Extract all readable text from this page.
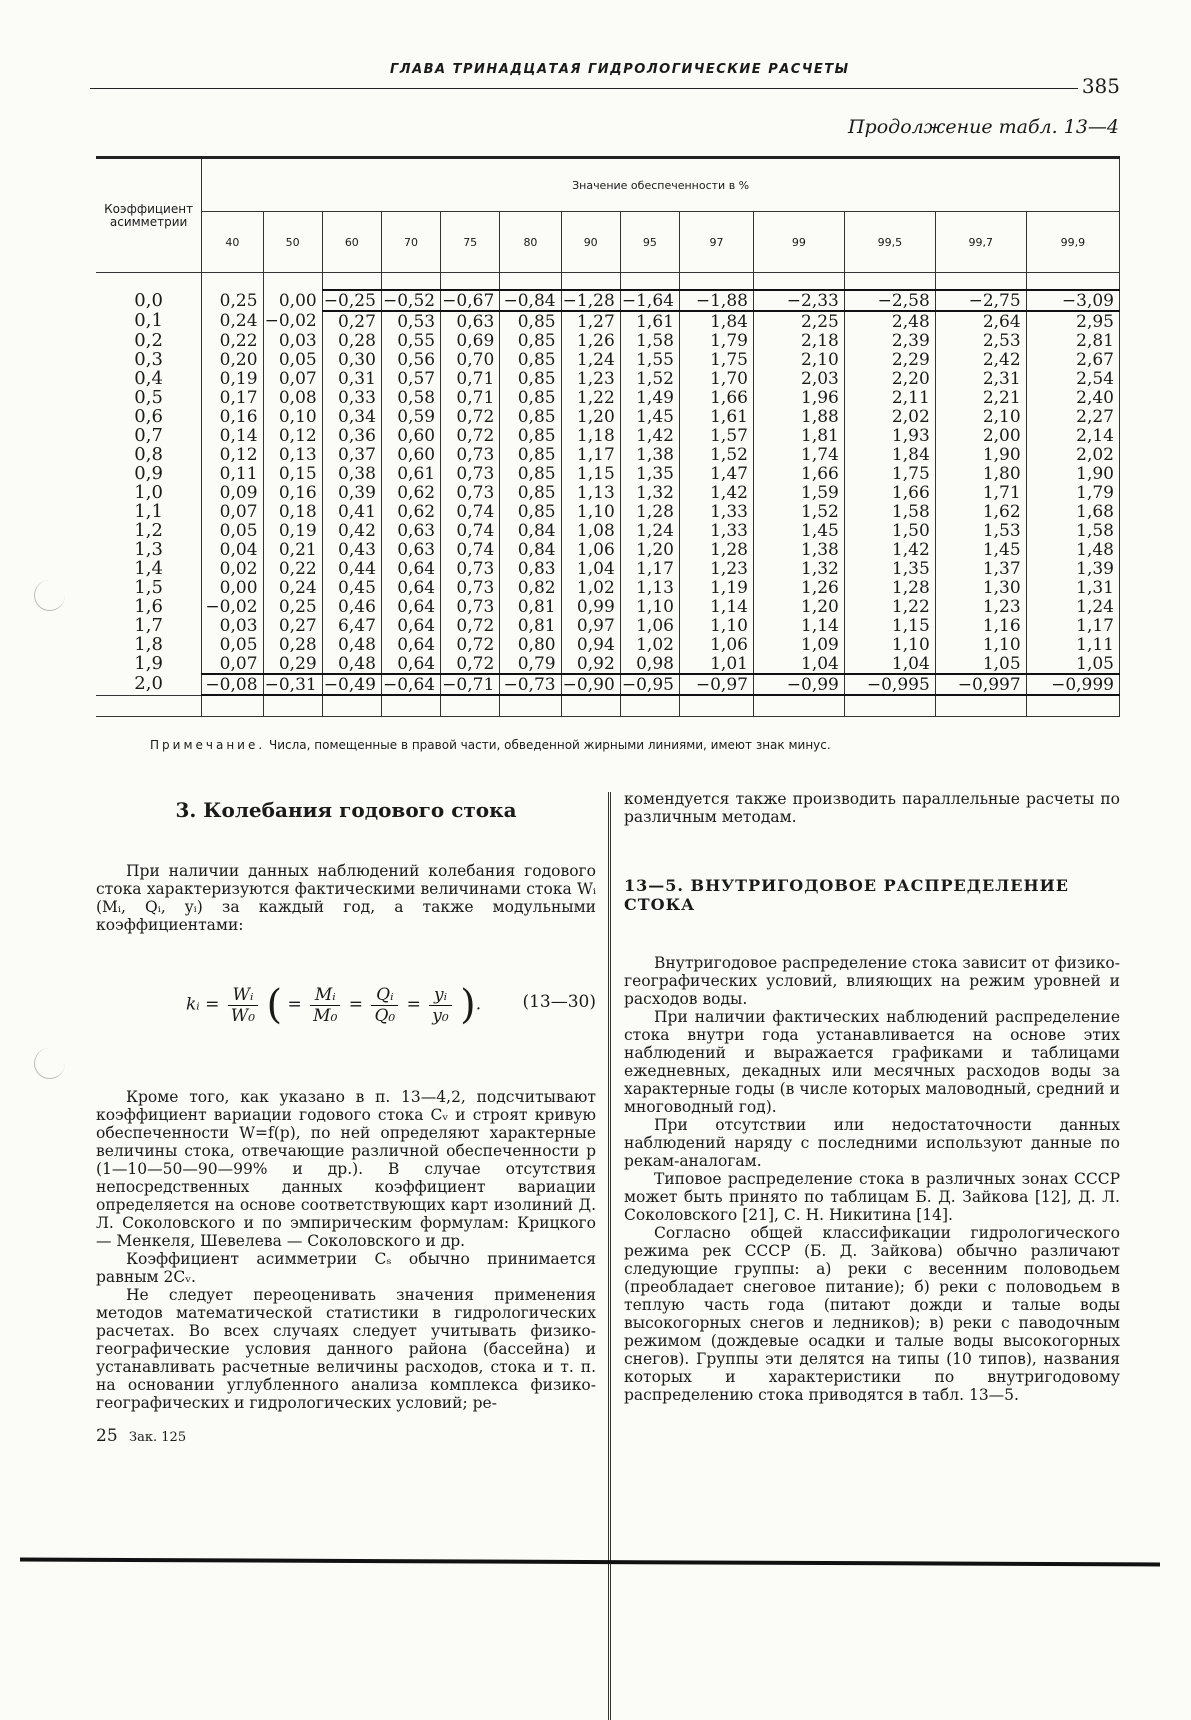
ГЛАВА ТРИНАДЦАТАЯ ГИДРОЛОГИЧЕСКИЕ РАСЧЕТЫ
385
Продолжение табл. 13—4
Коэффициент асимметрии	Значение обеспеченности в %												
	40	50	60	70	75	80	90	95	97	99	99,5	99,7	99,9

0,0	0,25	0,00	−0,25	−0,52	−0,67	−0,84	−1,28	−1,64	−1,88	−2,33	−2,58	−2,75	−3,09
0,1	0,24	−0,02	0,27	0,53	0,63	0,85	1,27	1,61	1,84	2,25	2,48	2,64	2,95
0,2	0,22	0,03	0,28	0,55	0,69	0,85	1,26	1,58	1,79	2,18	2,39	2,53	2,81
0,3	0,20	0,05	0,30	0,56	0,70	0,85	1,24	1,55	1,75	2,10	2,29	2,42	2,67
0,4	0,19	0,07	0,31	0,57	0,71	0,85	1,23	1,52	1,70	2,03	2,20	2,31	2,54
0,5	0,17	0,08	0,33	0,58	0,71	0,85	1,22	1,49	1,66	1,96	2,11	2,21	2,40
0,6	0,16	0,10	0,34	0,59	0,72	0,85	1,20	1,45	1,61	1,88	2,02	2,10	2,27
0,7	0,14	0,12	0,36	0,60	0,72	0,85	1,18	1,42	1,57	1,81	1,93	2,00	2,14
0,8	0,12	0,13	0,37	0,60	0,73	0,85	1,17	1,38	1,52	1,74	1,84	1,90	2,02
0,9	0,11	0,15	0,38	0,61	0,73	0,85	1,15	1,35	1,47	1,66	1,75	1,80	1,90
1,0	0,09	0,16	0,39	0,62	0,73	0,85	1,13	1,32	1,42	1,59	1,66	1,71	1,79
1,1	0,07	0,18	0,41	0,62	0,74	0,85	1,10	1,28	1,33	1,52	1,58	1,62	1,68
1,2	0,05	0,19	0,42	0,63	0,74	0,84	1,08	1,24	1,33	1,45	1,50	1,53	1,58
1,3	0,04	0,21	0,43	0,63	0,74	0,84	1,06	1,20	1,28	1,38	1,42	1,45	1,48
1,4	0,02	0,22	0,44	0,64	0,73	0,83	1,04	1,17	1,23	1,32	1,35	1,37	1,39
1,5	0,00	0,24	0,45	0,64	0,73	0,82	1,02	1,13	1,19	1,26	1,28	1,30	1,31
1,6	−0,02	0,25	0,46	0,64	0,73	0,81	0,99	1,10	1,14	1,20	1,22	1,23	1,24
1,7	0,03	0,27	6,47	0,64	0,72	0,81	0,97	1,06	1,10	1,14	1,15	1,16	1,17
1,8	0,05	0,28	0,48	0,64	0,72	0,80	0,94	1,02	1,06	1,09	1,10	1,10	1,11
1,9	0,07	0,29	0,48	0,64	0,72	0,79	0,92	0,98	1,01	1,04	1,04	1,05	1,05
2,0	−0,08	−0,31	−0,49	−0,64	−0,71	−0,73	−0,90	−0,95	−0,97	−0,99	−0,995	−0,997	−0,999

Примечание. Числа, помещенные в правой части, обведенной жирными линиями, имеют знак минус.
3. Колебания годового стока

При наличии данных наблюдений колебания годового стока характеризуются фактическими величинами стока Wᵢ (Mᵢ, Qᵢ, yᵢ) за каждый год, а также модульными коэффициентами:

kᵢ = $\frac{\text{Wᵢ}}{\text{W₀}}$ ( = $\frac{\text{Mᵢ}}{\text{M₀}} = \frac{\text{Qᵢ}}{\text{Q₀}} = \frac{\text{yᵢ}}{\text{y₀}}$ ). (13—30)

Кроме того, как указано в п. 13—4,2, подсчитывают коэффициент вариации годового стока Cᵥ и строят кривую обеспеченности W=f(p), по ней определяют характерные величины стока, отвечающие различной обеспеченности p (1—10—50—90—99% и др.). В случае отсутствия непосредственных данных коэффициент вариации определяется на основе соответствующих карт изолиний Д. Л. Соколовского и по эмпирическим формулам: Крицкого — Менкеля, Шевелева — Соколовского и др.

Коэффициент асимметрии Cₛ обычно принимается равным 2Cᵥ.

Не следует переоценивать значения применения методов математической статистики в гидрологических расчетах. Во всех случаях следует учитывать физико-географические условия данного района (бассейна) и устанавливать расчетные величины расходов, стока и т. п. на основании углубленного анализа комплекса физико-географических и гидрологических условий; ре-

25 Зак. 125

комендуется также производить параллельные расчеты по различным методам.

13—5. ВНУТРИГОДОВОЕ РАСПРЕДЕЛЕНИЕ СТОКА

Внутригодовое распределение стока зависит от физико-географических условий, влияющих на режим уровней и расходов воды.

При наличии фактических наблюдений распределение стока внутри года устанавливается на основе этих наблюдений и выражается графиками и таблицами ежедневных, декадных или месячных расходов воды за характерные годы (в числе которых маловодный, средний и многоводный год).

При отсутствии или недостаточности данных наблюдений наряду с последними используют данные по рекам-аналогам.

Типовое распределение стока в различных зонах СССР может быть принято по таблицам Б. Д. Зайкова [12], Д. Л. Соколовского [21], С. Н. Никитина [14].

Согласно общей классификации гидрологического режима рек СССР (Б. Д. Зайкова) обычно различают следующие группы: а) реки с весенним половодьем (преобладает снеговое питание); б) реки с половодьем в теплую часть года (питают дожди и талые воды высокогорных снегов и ледников); в) реки с паводочным режимом (дождевые осадки и талые воды высокогорных снегов). Группы эти делятся на типы (10 типов), названия которых и характеристики по внутригодовому распределению стока приводятся в табл. 13—5.
